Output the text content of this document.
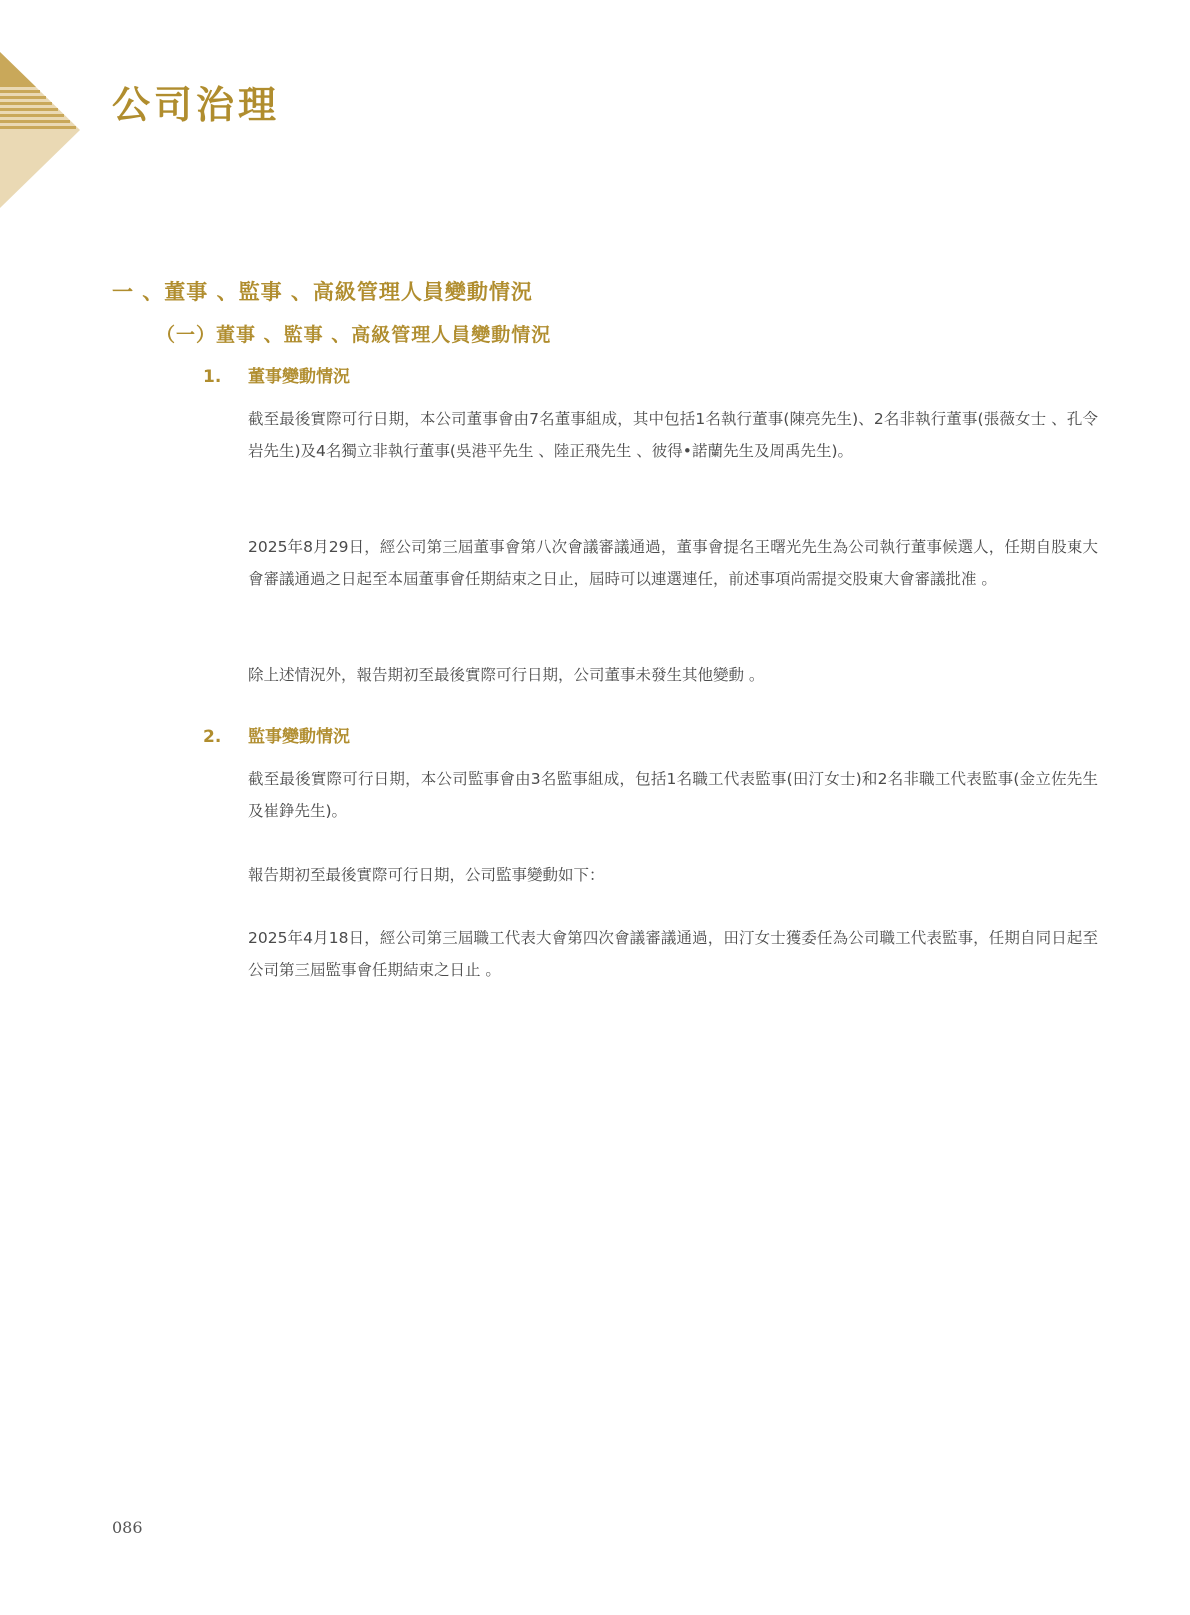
公司治理
一 、董事 、監事 、高級管理人員變動情況
（一）董事 、監事 、高級管理人員變動情況
1. 董事變動情況

截至最後實際可行日期，本公司董事會由7名董事組成，其中包括1名執行董事(陳亮先生)、2名非執行董事(張薇女士 、孔令岩先生)及4名獨立非執行董事(吳港平先生 、陸正飛先生 、彼得•諾蘭先生及周禹先生)。

2025年8月29日，經公司第三屆董事會第八次會議審議通過，董事會提名王曙光先生為公司執行董事候選人，任期自股東大會審議通過之日起至本屆董事會任期結束之日止，屆時可以連選連任，前述事項尚需提交股東大會審議批准 。

除上述情況外，報告期初至最後實際可行日期，公司董事未發生其他變動 。

2. 監事變動情況

截至最後實際可行日期，本公司監事會由3名監事組成，包括1名職工代表監事(田汀女士)和2名非職工代表監事(金立佐先生及崔錚先生)。

報告期初至最後實際可行日期，公司監事變動如下：

2025年4月18日，經公司第三屆職工代表大會第四次會議審議通過，田汀女士獲委任為公司職工代表監事，任期自同日起至公司第三屆監事會任期結束之日止 。

086
